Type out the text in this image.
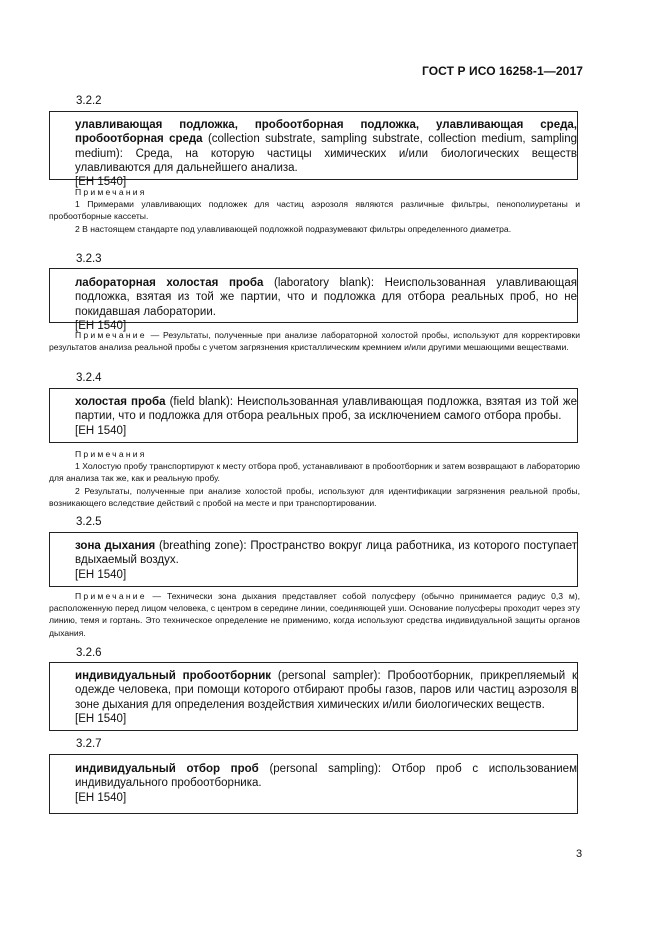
ГОСТ Р ИСО 16258-1—2017
3.2.2
улавливающая подложка, пробоотборная подложка, улавливающая среда, пробоотборная среда (collection substrate, sampling substrate, collection medium, sampling medium): Среда, на которую частицы химических и/или биологических веществ улавливаются для дальнейшего анализа.
[ЕН 1540]
Примечания
1 Примерами улавливающих подложек для частиц аэрозоля являются различные фильтры, пенополиуретаны и пробоотборные кассеты.
2 В настоящем стандарте под улавливающей подложкой подразумевают фильтры определенного диаметра.
3.2.3
лабораторная холостая проба (laboratory blank): Неиспользованная улавливающая подложка, взятая из той же партии, что и подложка для отбора реальных проб, но не покидавшая лаборатории.
[ЕН 1540]
Примечание — Результаты, полученные при анализе лабораторной холостой пробы, используют для корректировки результатов анализа реальной пробы с учетом загрязнения кристаллическим кремнием и/или другими мешающими веществами.
3.2.4
холостая проба (field blank): Неиспользованная улавливающая подложка, взятая из той же партии, что и подложка для отбора реальных проб, за исключением самого отбора пробы.
[ЕН 1540]
Примечания
1 Холостую пробу транспортируют к месту отбора проб, устанавливают в пробоотборник и затем возвращают в лабораторию для анализа так же, как и реальную пробу.
2 Результаты, полученные при анализе холостой пробы, используют для идентификации загрязнения реальной пробы, возникающего вследствие действий с пробой на месте и при транспортировании.
3.2.5
зона дыхания (breathing zone): Пространство вокруг лица работника, из которого поступает вдыхаемый воздух.
[ЕН 1540]
Примечание — Технически зона дыхания представляет собой полусферу (обычно принимается радиус 0,3 м), расположенную перед лицом человека, с центром в середине линии, соединяющей уши. Основание полусферы проходит через эту линию, темя и гортань. Это техническое определение не применимо, когда используют средства индивидуальной защиты органов дыхания.
3.2.6
индивидуальный пробоотборник (personal sampler): Пробоотборник, прикрепляемый к одежде человека, при помощи которого отбирают пробы газов, паров или частиц аэрозоля в зоне дыхания для определения воздействия химических и/или биологических веществ.
[ЕН 1540]
3.2.7
индивидуальный отбор проб (personal sampling): Отбор проб с использованием индивидуального пробоотборника.
[ЕН 1540]
3
